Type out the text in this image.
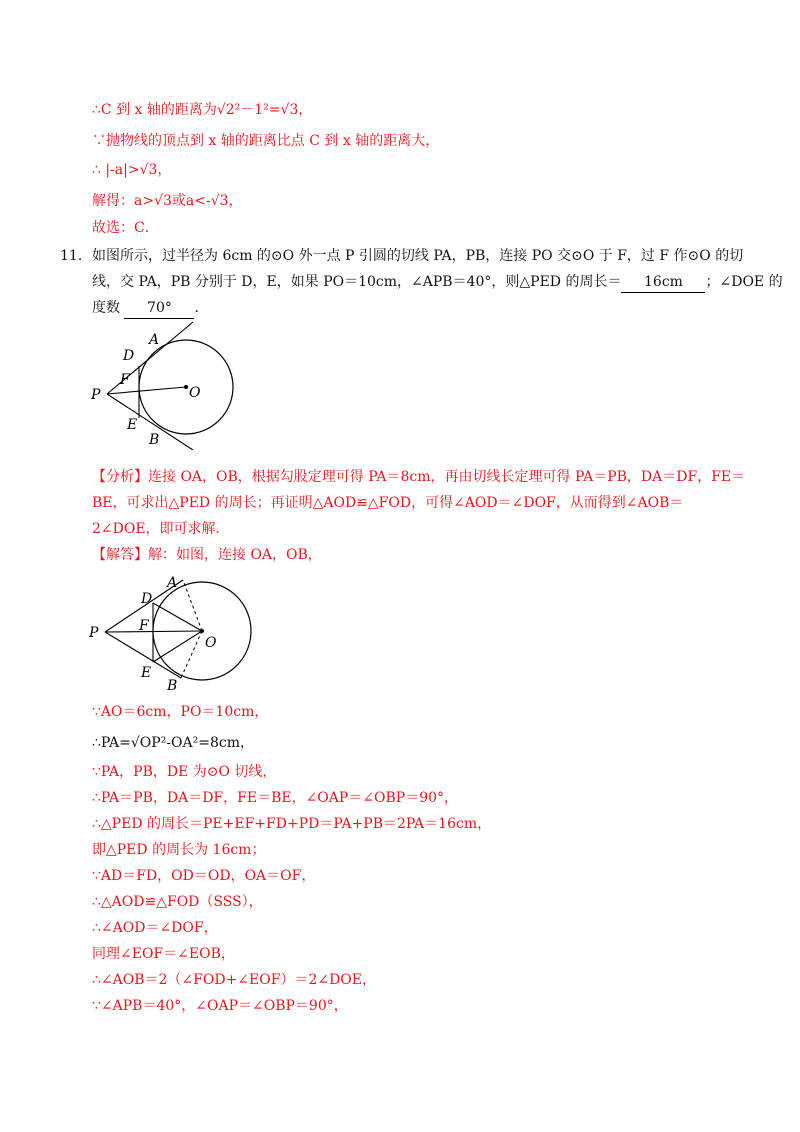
∴C 到 x 轴的距离为√2²－1²=√3，
∵抛物线的顶点到 x 轴的距离比点 C 到 x 轴的距离大，
∴ |-a|>√3，
解得：a>√3或a<-√3，
故选：C．
11． 如图所示，过半径为 6cm 的⊙O 外一点 P 引圆的切线 PA，PB，连接 PO 交⊙O 于 F，过 F 作⊙O 的切
线，交 PA，PB 分别于 D，E，如果 PO＝10cm，∠APB＝40°，则△PED 的周长＝ 16cm ；∠DOE 的
度数 70° ．
A
D
F
P	O
E
B
【分析】连接 OA，OB，根据勾股定理可得 PA＝8cm，再由切线长定理可得 PA＝PB，DA＝DF，FE＝
BE，可求出△PED 的周长；再证明△AOD≌△FOD，可得∠AOD＝∠DOF，从而得到∠AOB＝
2∠DOE，即可求解．
【解答】解：如图，连接 OA，OB，
A
D
F
P
O
E
B
∵AO＝6cm，PO＝10cm，
∴PA=√OP²-OA²=8cm，
∵PA，PB，DE 为⊙O 切线，
∴PA＝PB，DA＝DF，FE＝BE，∠OAP＝∠OBP＝90°，
∴△PED 的周长＝PE+EF+FD+PD＝PA+PB＝2PA＝16cm，
即△PED 的周长为 16cm；
∵AD＝FD，OD＝OD，OA＝OF，
∴△AOD≌△FOD（SSS），
∴∠AOD＝∠DOF，
同理∠EOF＝∠EOB，
∴∠AOB＝2（∠FOD+∠EOF）＝2∠DOE，
∵∠APB＝40°，∠OAP＝∠OBP＝90°，
